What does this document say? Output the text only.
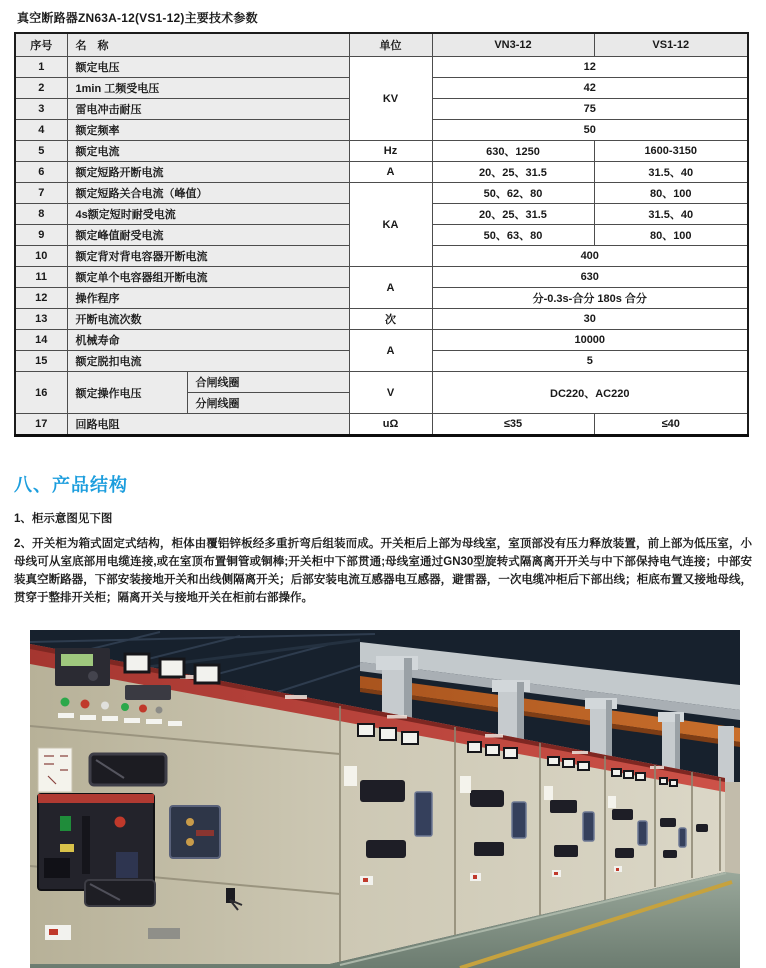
真空断路器ZN63A-12(VS1-12)主要技术参数
序号	名　称		单位	VN3-12	VS1-12
1	额定电压		KV	12	
2	1min 工频受电压			42	
3	雷电冲击耐压			75	
4	额定频率			50	
5	额定电流		Hz	630、1250	1600-3150
6	额定短路开断电流		A	20、25、31.5	31.5、40
7	额定短路关合电流（峰值）		KA	50、62、80	80、100
8	4s额定短时耐受电流			20、25、31.5	31.5、40
9	额定峰值耐受电流			50、63、80	80、100
10	额定背对背电容器开断电流			400	
11	额定单个电容器组开断电流		A	630	
12	操作程序			分-0.3s-合分 180s 合分	
13	开断电流次数		次	30	
14	机械寿命		A	10000	
15	额定脱扣电流			5	
16	额定操作电压	合闸线圈	V	DC220、AC220	
		分闸线圈			
17	回路电阻		uΩ	≤35	≤40
八、产品结构
1、柜示意图见下图
2、开关柜为箱式固定式结构，柜体由覆铝锌板经多重折弯后组装而成。开关柜后上部为母线室，室顶部没有压力释放装置，前上部为低压室，小母线可从室底部用电缆连接,或在室顶布置铜管或铜棒;开关柜中下部贯通;母线室通过GN30型旋转式隔离离开开关与中下部保持电气连接；中部安装真空断路器，下部安装接地开关和出线侧隔离开关；后部安装电流互感器电互感器，避雷器，一次电缆冲柜后下部出线；柜底布置又接地母线，贯穿于整排开关柜；隔离开关与接地开关在柜前右部操作。
